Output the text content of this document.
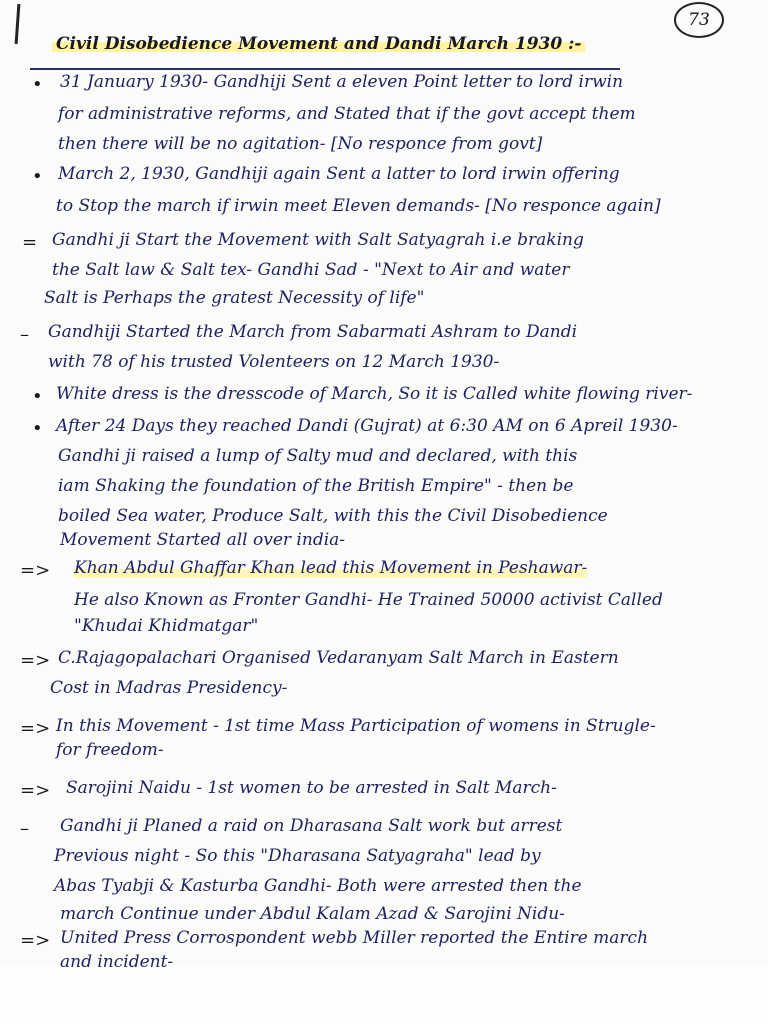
73
Civil Disobedience Movement and Dandi March 1930 :-
• 31 January 1930- Gandhiji Sent a eleven Point letter to lord irwin
for administrative reforms, and Stated that if the govt accept them
then there will be no agitation- [No responce from govt]
• March 2, 1930, Gandhiji again Sent a latter to lord irwin offering
to Stop the march if irwin meet Eleven demands- [No responce again]
= Gandhi ji Start the Movement with Salt Satyagrah i.e braking
the Salt law & Salt tex- Gandhi Sad - "Next to Air and water
Salt is Perhaps the gratest Necessity of life"
– Gandhiji Started the March from Sabarmati Ashram to Dandi
with 78 of his trusted Volenteers on 12 March 1930-
• White dress is the dresscode of March, So it is Called white flowing river-
• After 24 Days they reached Dandi (Gujrat) at 6:30 AM on 6 Apreil 1930-
Gandhi ji raised a lump of Salty mud and declared, with this
iam Shaking the foundation of the British Empire" - then be
boiled Sea water, Produce Salt, with this the Civil Disobedience
Movement Started all over india-
=> Khan Abdul Ghaffar Khan lead this Movement in Peshawar-
He also Known as Fronter Gandhi- He Trained 50000 activist Called
"Khudai Khidmatgar"
=> C.Rajagopalachari Organised Vedaranyam Salt March in Eastern
Cost in Madras Presidency-
=> In this Movement - 1st time Mass Participation of womens in Strugle-
for freedom-
=> Sarojini Naidu - 1st women to be arrested in Salt March-
– Gandhi ji Planed a raid on Dharasana Salt work but arrest
Previous night - So this "Dharasana Satyagraha" lead by
Abas Tyabji & Kasturba Gandhi- Both were arrested then the
march Continue under Abdul Kalam Azad & Sarojini Nidu-
=> United Press Corrospondent webb Miller reported the Entire march
and incident-
